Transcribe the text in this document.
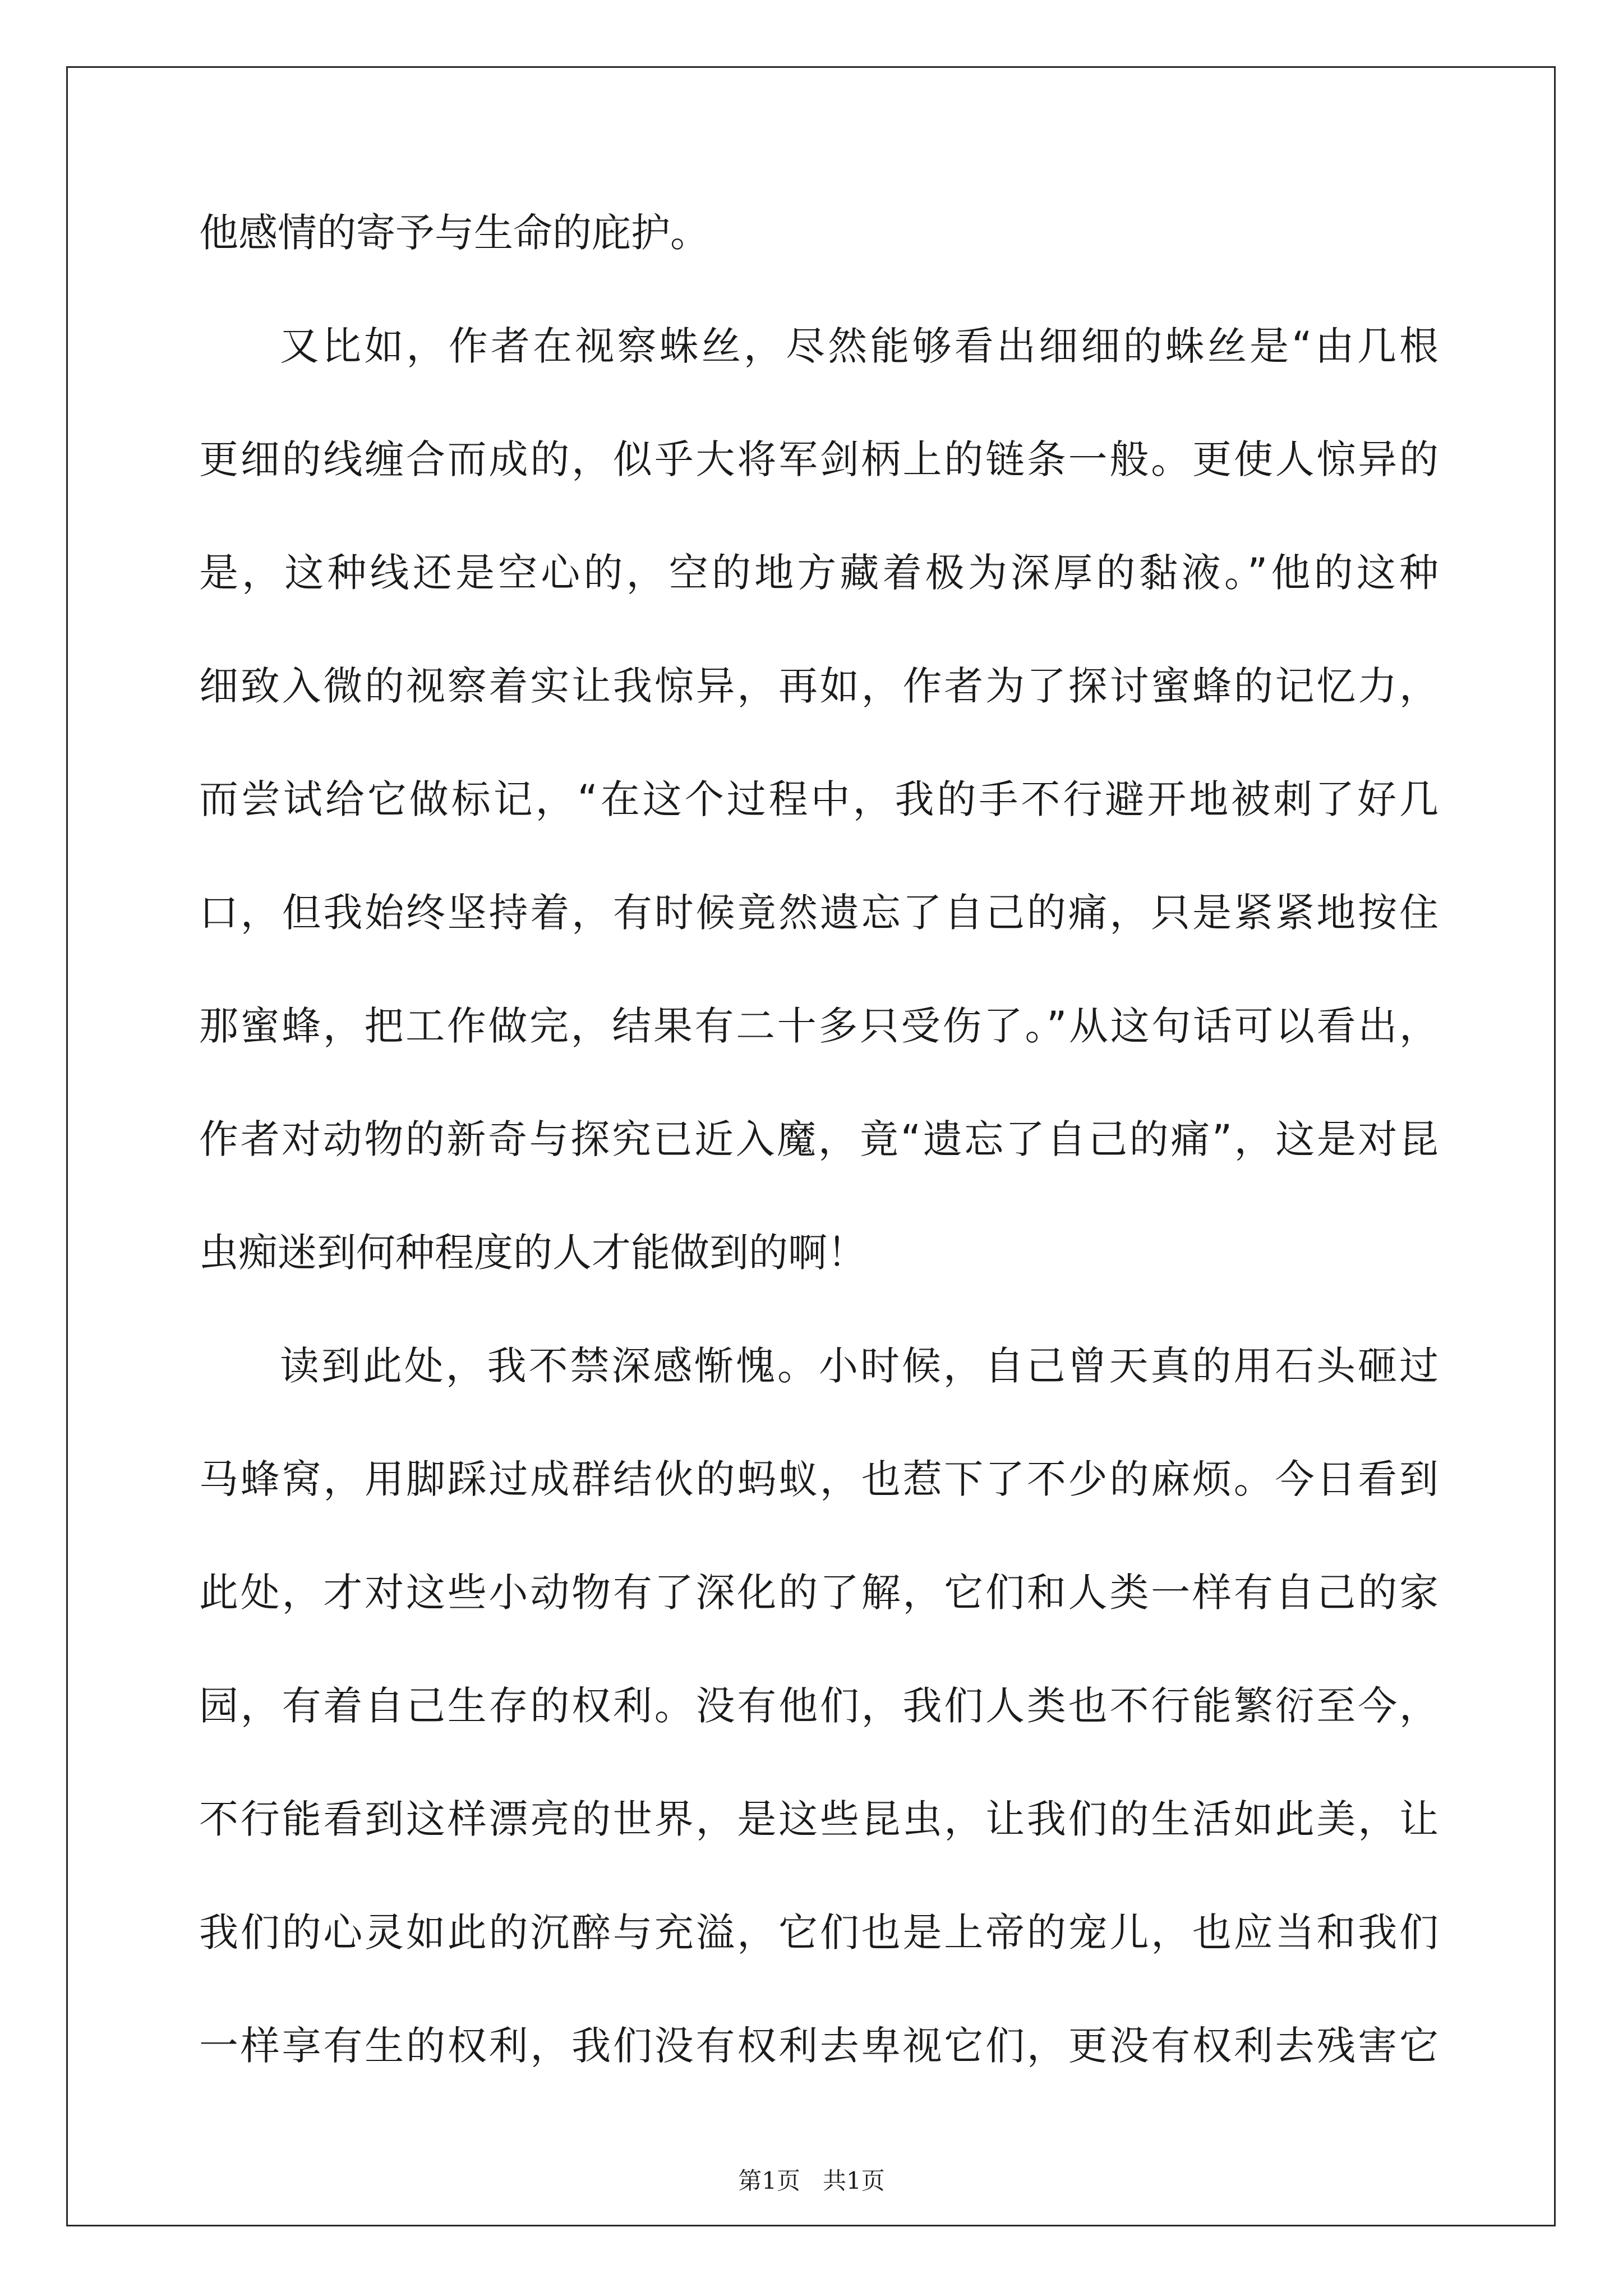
他感情的寄予与生命的庇护。
又比如，作者在视察蛛丝，尽然能够看出细细的蛛丝是“由几根
更细的线缠合而成的，似乎大将军剑柄上的链条一般。更使人惊异的
是，这种线还是空心的，空的地方藏着极为深厚的黏液。”他的这种
细致入微的视察着实让我惊异，再如，作者为了探讨蜜蜂的记忆力，
而尝试给它做标记，“在这个过程中，我的手不行避开地被刺了好几
口，但我始终坚持着，有时候竟然遗忘了自己的痛，只是紧紧地按住
那蜜蜂，把工作做完，结果有二十多只受伤了。”从这句话可以看出，
作者对动物的新奇与探究已近入魔，竟“遗忘了自己的痛”，这是对昆
虫痴迷到何种程度的人才能做到的啊！
读到此处，我不禁深感惭愧。小时候，自己曾天真的用石头砸过
马蜂窝，用脚踩过成群结伙的蚂蚁，也惹下了不少的麻烦。今日看到
此处，才对这些小动物有了深化的了解，它们和人类一样有自己的家
园，有着自己生存的权利。没有他们，我们人类也不行能繁衍至今，
不行能看到这样漂亮的世界，是这些昆虫，让我们的生活如此美，让
我们的心灵如此的沉醉与充溢，它们也是上帝的宠儿，也应当和我们
一样享有生的权利，我们没有权利去卑视它们，更没有权利去残害它
第1页 共1页
